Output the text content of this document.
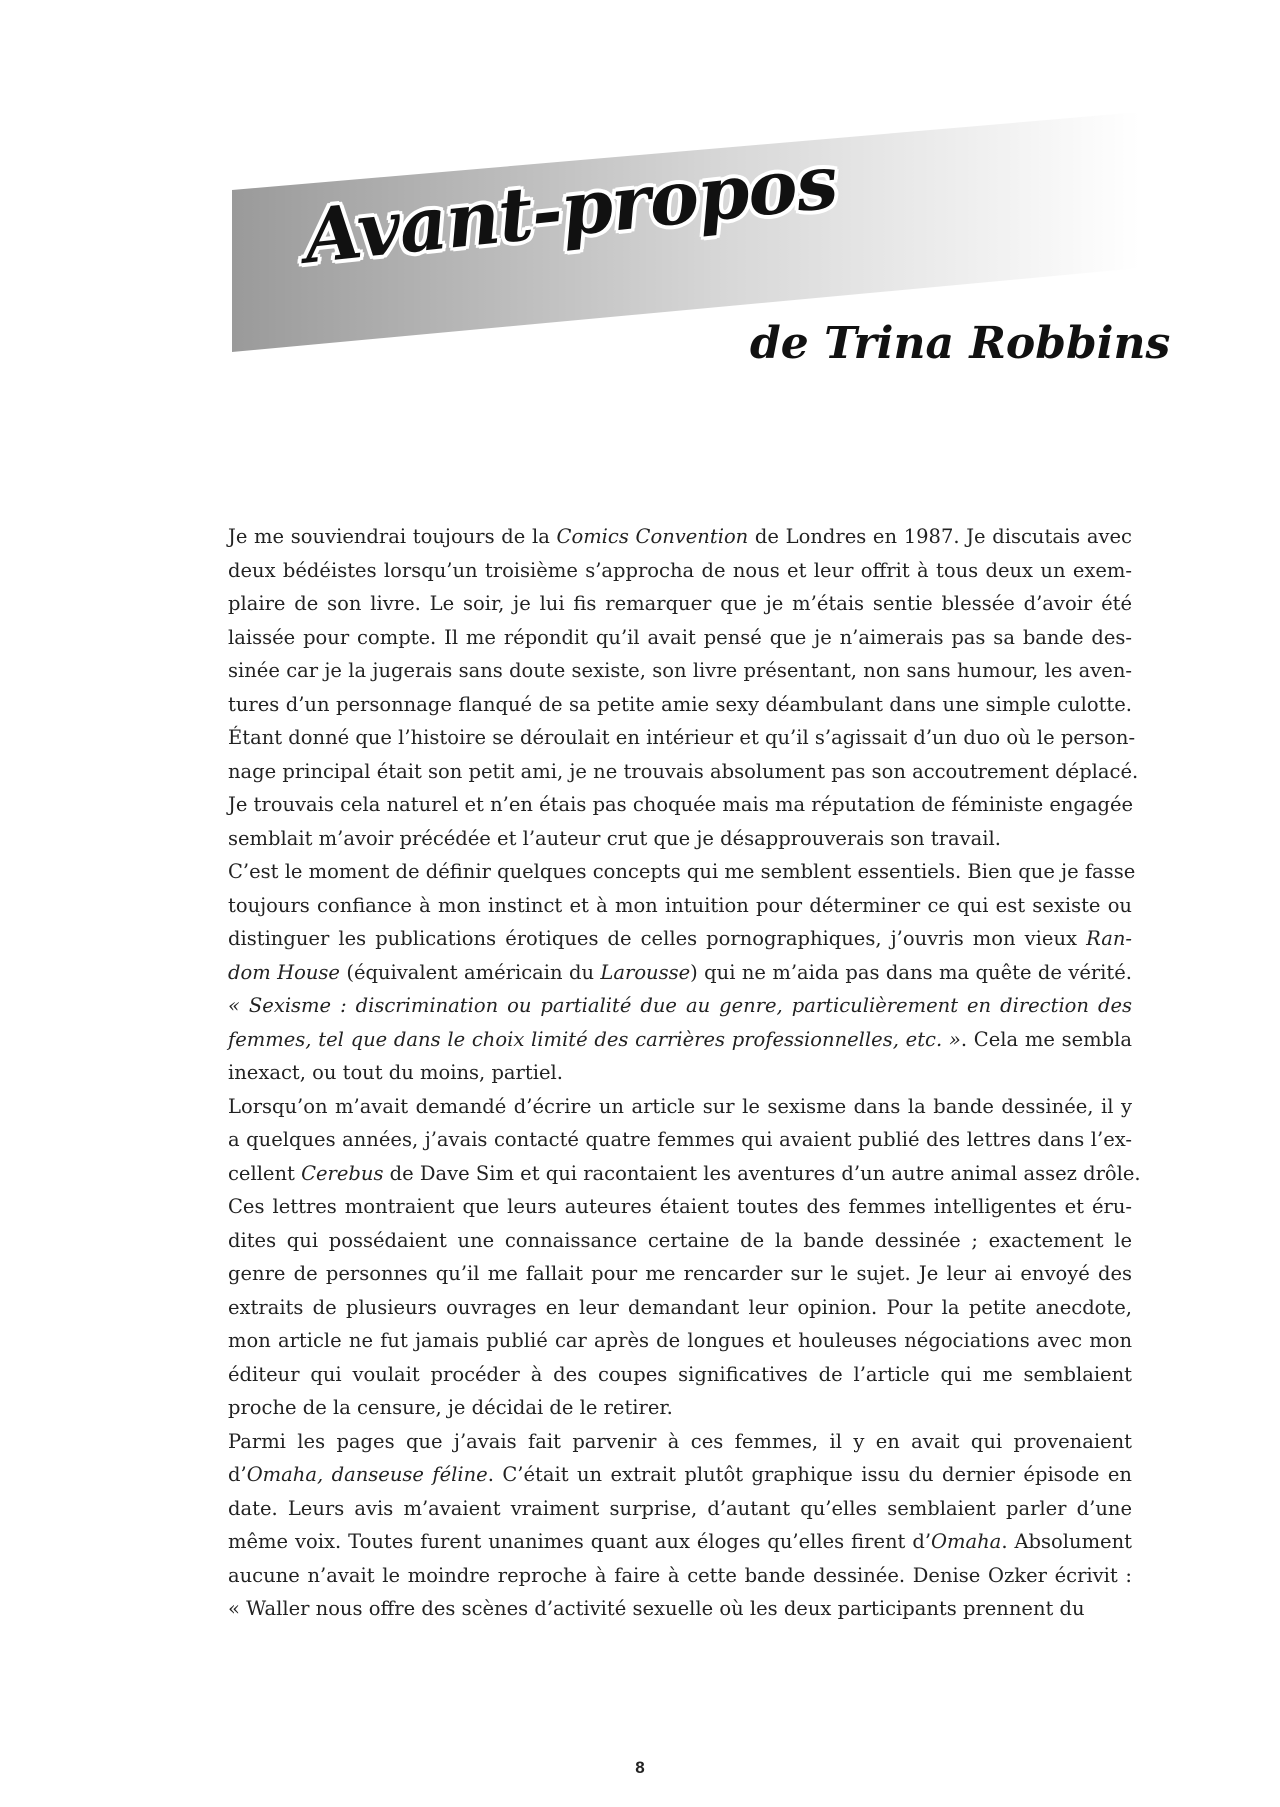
Avant-propos
de Trina Robbins
Je me souviendrai toujours de la Comics Convention de Londres en 1987. Je discutais avec
deux bédéistes lorsqu’un troisième s’approcha de nous et leur offrit à tous deux un exem-
plaire de son livre. Le soir, je lui fis remarquer que je m’étais sentie blessée d’avoir été
laissée pour compte. Il me répondit qu’il avait pensé que je n’aimerais pas sa bande des-
sinée car je la jugerais sans doute sexiste, son livre présentant, non sans humour, les aven-
tures d’un personnage flanqué de sa petite amie sexy déambulant dans une simple culotte.
Étant donné que l’histoire se déroulait en intérieur et qu’il s’agissait d’un duo où le person-
nage principal était son petit ami, je ne trouvais absolument pas son accoutrement déplacé.
Je trouvais cela naturel et n’en étais pas choquée mais ma réputation de féministe engagée
semblait m’avoir précédée et l’auteur crut que je désapprouverais son travail.
C’est le moment de définir quelques concepts qui me semblent essentiels. Bien que je fasse
toujours confiance à mon instinct et à mon intuition pour déterminer ce qui est sexiste ou
distinguer les publications érotiques de celles pornographiques, j’ouvris mon vieux Ran-
dom House (équivalent américain du Larousse) qui ne m’aida pas dans ma quête de vérité.
« Sexisme : discrimination ou partialité due au genre, particulièrement en direction des
femmes, tel que dans le choix limité des carrières professionnelles, etc. ». Cela me sembla
inexact, ou tout du moins, partiel.
Lorsqu’on m’avait demandé d’écrire un article sur le sexisme dans la bande dessinée, il y
a quelques années, j’avais contacté quatre femmes qui avaient publié des lettres dans l’ex-
cellent Cerebus de Dave Sim et qui racontaient les aventures d’un autre animal assez drôle.
Ces lettres montraient que leurs auteures étaient toutes des femmes intelligentes et éru-
dites qui possédaient une connaissance certaine de la bande dessinée ; exactement le
genre de personnes qu’il me fallait pour me rencarder sur le sujet. Je leur ai envoyé des
extraits de plusieurs ouvrages en leur demandant leur opinion. Pour la petite anecdote,
mon article ne fut jamais publié car après de longues et houleuses négociations avec mon
éditeur qui voulait procéder à des coupes significatives de l’article qui me semblaient
proche de la censure, je décidai de le retirer.
Parmi les pages que j’avais fait parvenir à ces femmes, il y en avait qui provenaient
d’Omaha, danseuse féline. C’était un extrait plutôt graphique issu du dernier épisode en
date. Leurs avis m’avaient vraiment surprise, d’autant qu’elles semblaient parler d’une
même voix. Toutes furent unanimes quant aux éloges qu’elles firent d’Omaha. Absolument
aucune n’avait le moindre reproche à faire à cette bande dessinée. Denise Ozker écrivit :
« Waller nous offre des scènes d’activité sexuelle où les deux participants prennent du
8
